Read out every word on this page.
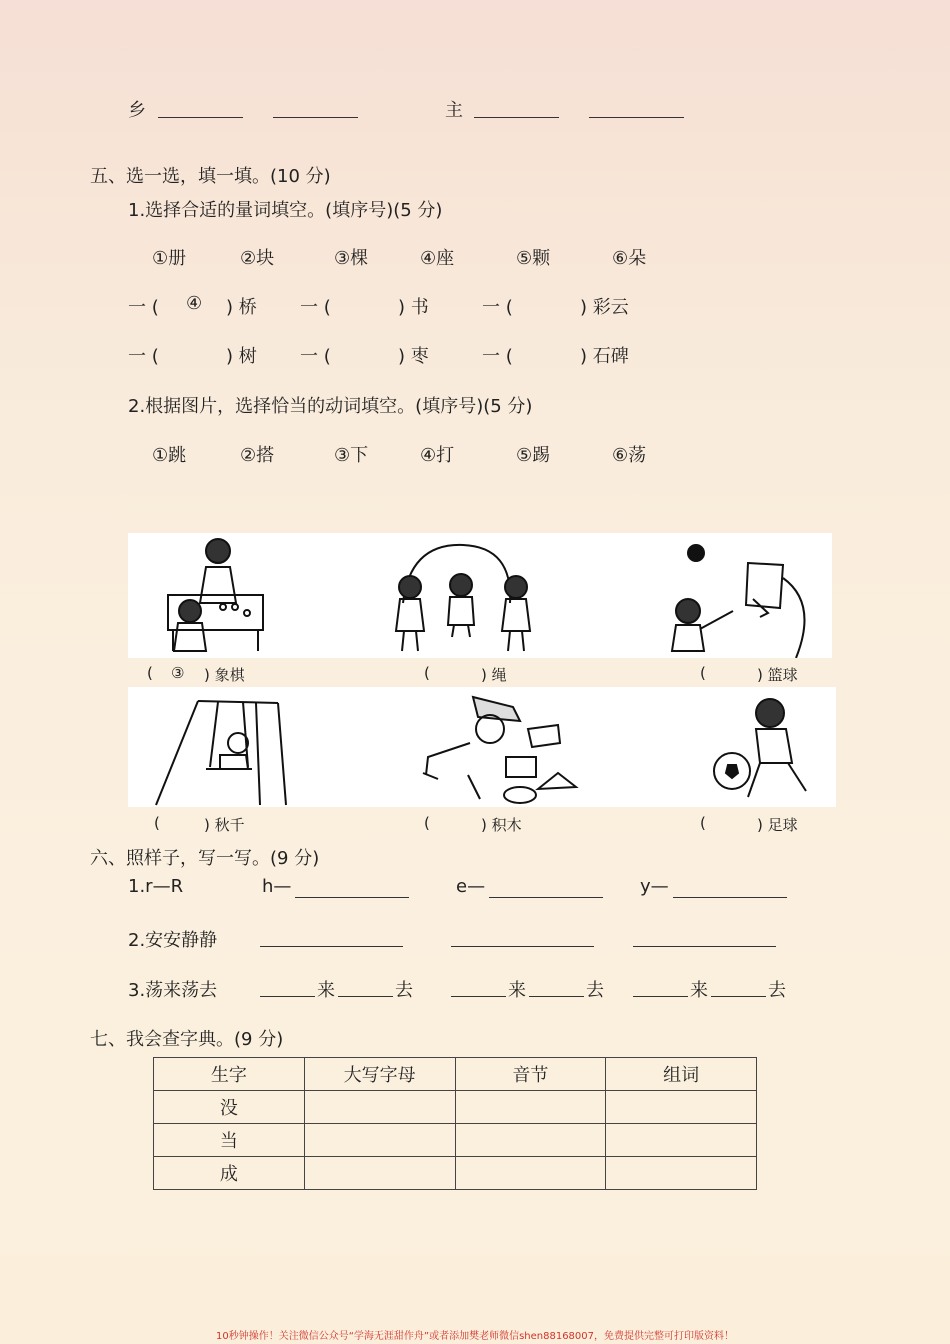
乡	主
五、选一选，填一填。(10 分)
1.选择合适的量词填空。(填序号)(5 分)
①册	②块	③棵	④座	⑤颗	⑥朵
一 ( ④ ) 桥 一 (	) 书	一 (	) 彩云
一 (	) 树 一 (	) 枣	一 (	) 石碑
2.根据图片，选择恰当的动词填空。(填序号)(5 分)
①跳	②搭	③下	④打	⑤踢	⑥荡
( ③ ) 象棋	(	) 绳	(	) 篮球
(	) 秋千	(	) 积木	(	) 足球
六、照样子，写一写。(9 分)
1.r—R	h—	e—	y—
2.安安静静
3.荡来荡去	来	去	来	去	来	去
七、我会查字典。(9 分)
生字	大写字母	音节	组词
没			
当			
成			
10秒钟操作！关注微信公众号“学海无涯甜作舟”或者添加樊老师微信shen88168007，免费提供完整可打印版资料！
